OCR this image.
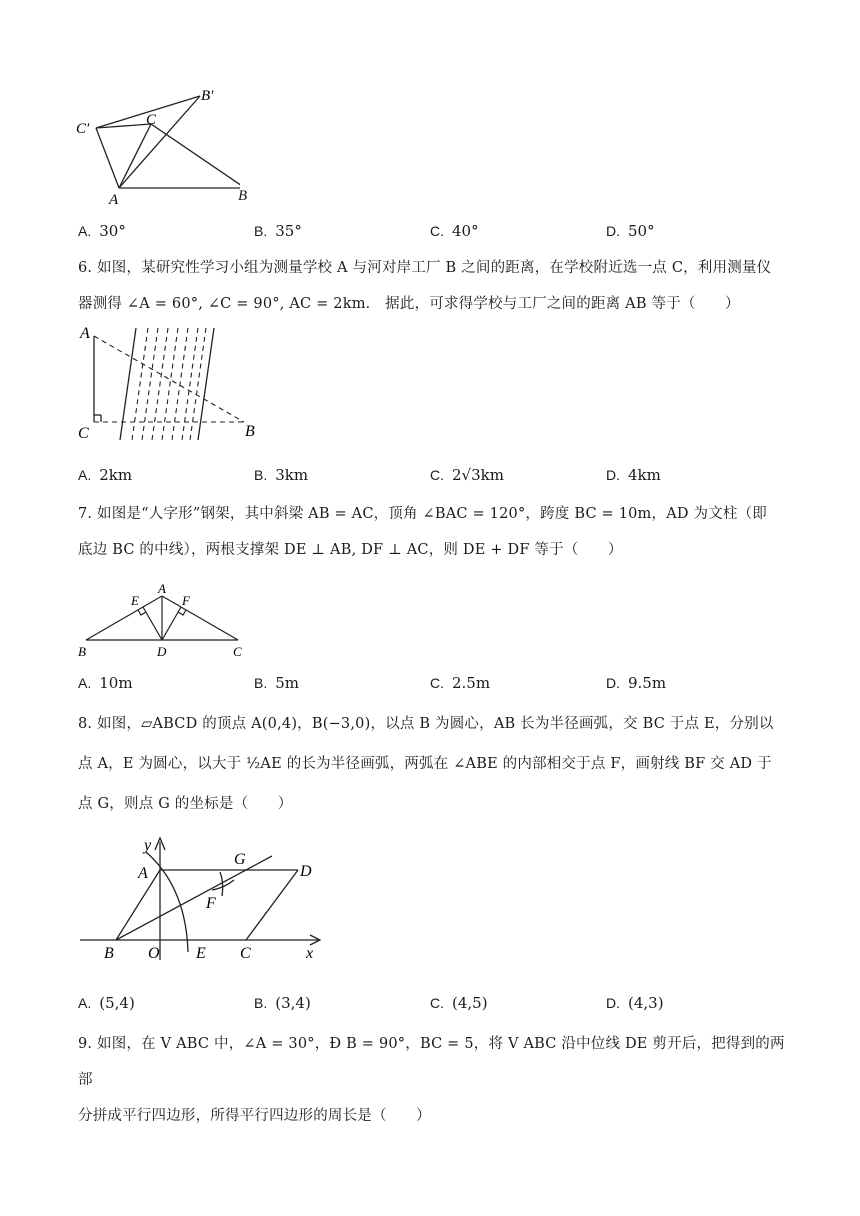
B′
C′
C
A	B
A. 30°	B. 35°	C. 40°	D. 50°
6. 如图，某研究性学习小组为测量学校 A 与河对岸工厂 B 之间的距离，在学校附近选一点 C，利用测量仪
器测得 ∠A = 60°, ∠C = 90°, AC = 2km． 据此，可求得学校与工厂之间的距离 AB 等于（　　）
A
C	B
A. 2km	B. 3km	C. 2√3km	D. 4km
7. 如图是“人字形”钢架，其中斜梁 AB = AC，顶角 ∠BAC = 120°，跨度 BC = 10m，AD 为文柱（即
底边 BC 的中线），两根支撑架 DE ⊥ AB, DF ⊥ AC，则 DE + DF 等于（　　）
A
E	F
B	D	C
A. 10m	B. 5m	C. 2.5m	D. 9.5m
8. 如图，▱ABCD 的顶点 A(0,4)，B(−3,0)，以点 B 为圆心，AB 长为半径画弧，交 BC 于点 E，分别以
点 A，E 为圆心，以大于 ½AE 的长为半径画弧，两弧在 ∠ABE 的内部相交于点 F，画射线 BF 交 AD 于
点 G，则点 G 的坐标是（　　）
y
A
G
D
F
B O E C	x
A. (5,4)	B. (3,4)	C. (4,5)	D. (4,3)
9. 如图，在 V ABC 中，∠A = 30°，Ð B = 90°，BC = 5，将 V ABC 沿中位线 DE 剪开后，把得到的两部
分拼成平行四边形，所得平行四边形的周长是（　　）
